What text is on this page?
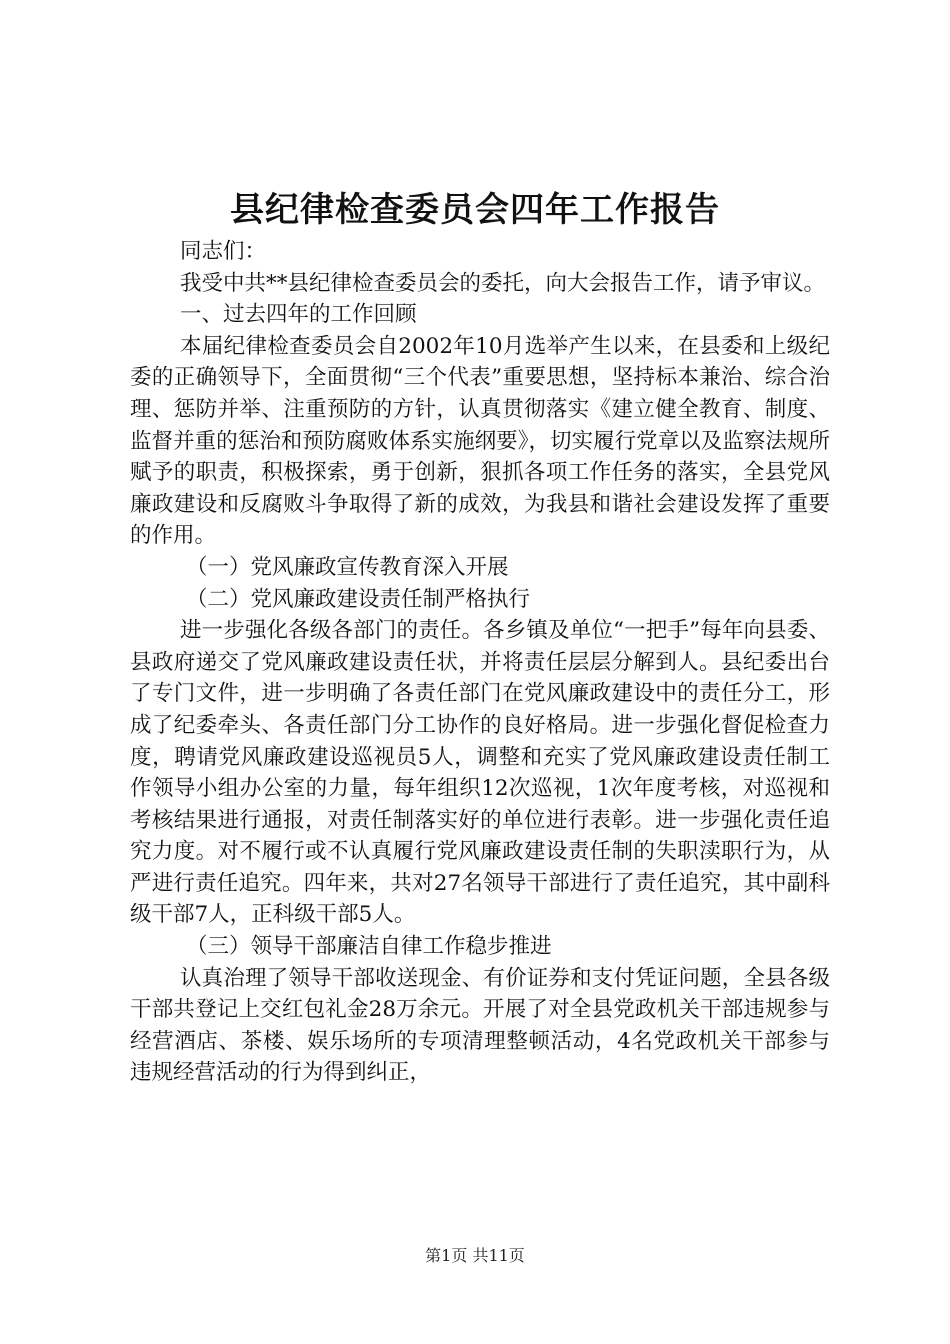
县纪律检查委员会四年工作报告

同志们：

我受中共**县纪律检查委员会的委托，向大会报告工作，请予审议。

一、过去四年的工作回顾

本届纪律检查委员会自2002年10月选举产生以来，在县委和上级纪委的正确领导下，全面贯彻“三个代表”重要思想，坚持标本兼治、综合治理、惩防并举、注重预防的方针，认真贯彻落实《建立健全教育、制度、监督并重的惩治和预防腐败体系实施纲要》，切实履行党章以及监察法规所赋予的职责，积极探索，勇于创新，狠抓各项工作任务的落实，全县党风廉政建设和反腐败斗争取得了新的成效，为我县和谐社会建设发挥了重要的作用。

（一）党风廉政宣传教育深入开展

（二）党风廉政建设责任制严格执行

进一步强化各级各部门的责任。各乡镇及单位“一把手”每年向县委、县政府递交了党风廉政建设责任状，并将责任层层分解到人。县纪委出台了专门文件，进一步明确了各责任部门在党风廉政建设中的责任分工，形成了纪委牵头、各责任部门分工协作的良好格局。进一步强化督促检查力度，聘请党风廉政建设巡视员5人，调整和充实了党风廉政建设责任制工作领导小组办公室的力量，每年组织12次巡视，1次年度考核，对巡视和考核结果进行通报，对责任制落实好的单位进行表彰。进一步强化责任追究力度。对不履行或不认真履行党风廉政建设责任制的失职渎职行为，从严进行责任追究。四年来，共对27名领导干部进行了责任追究，其中副科级干部7人，正科级干部5人。

（三）领导干部廉洁自律工作稳步推进

认真治理了领导干部收送现金、有价证券和支付凭证问题，全县各级干部共登记上交红包礼金28万余元。开展了对全县党政机关干部违规参与经营酒店、茶楼、娱乐场所的专项清理整顿活动，4名党政机关干部参与违规经营活动的行为得到纠正，

第1页 共11页
